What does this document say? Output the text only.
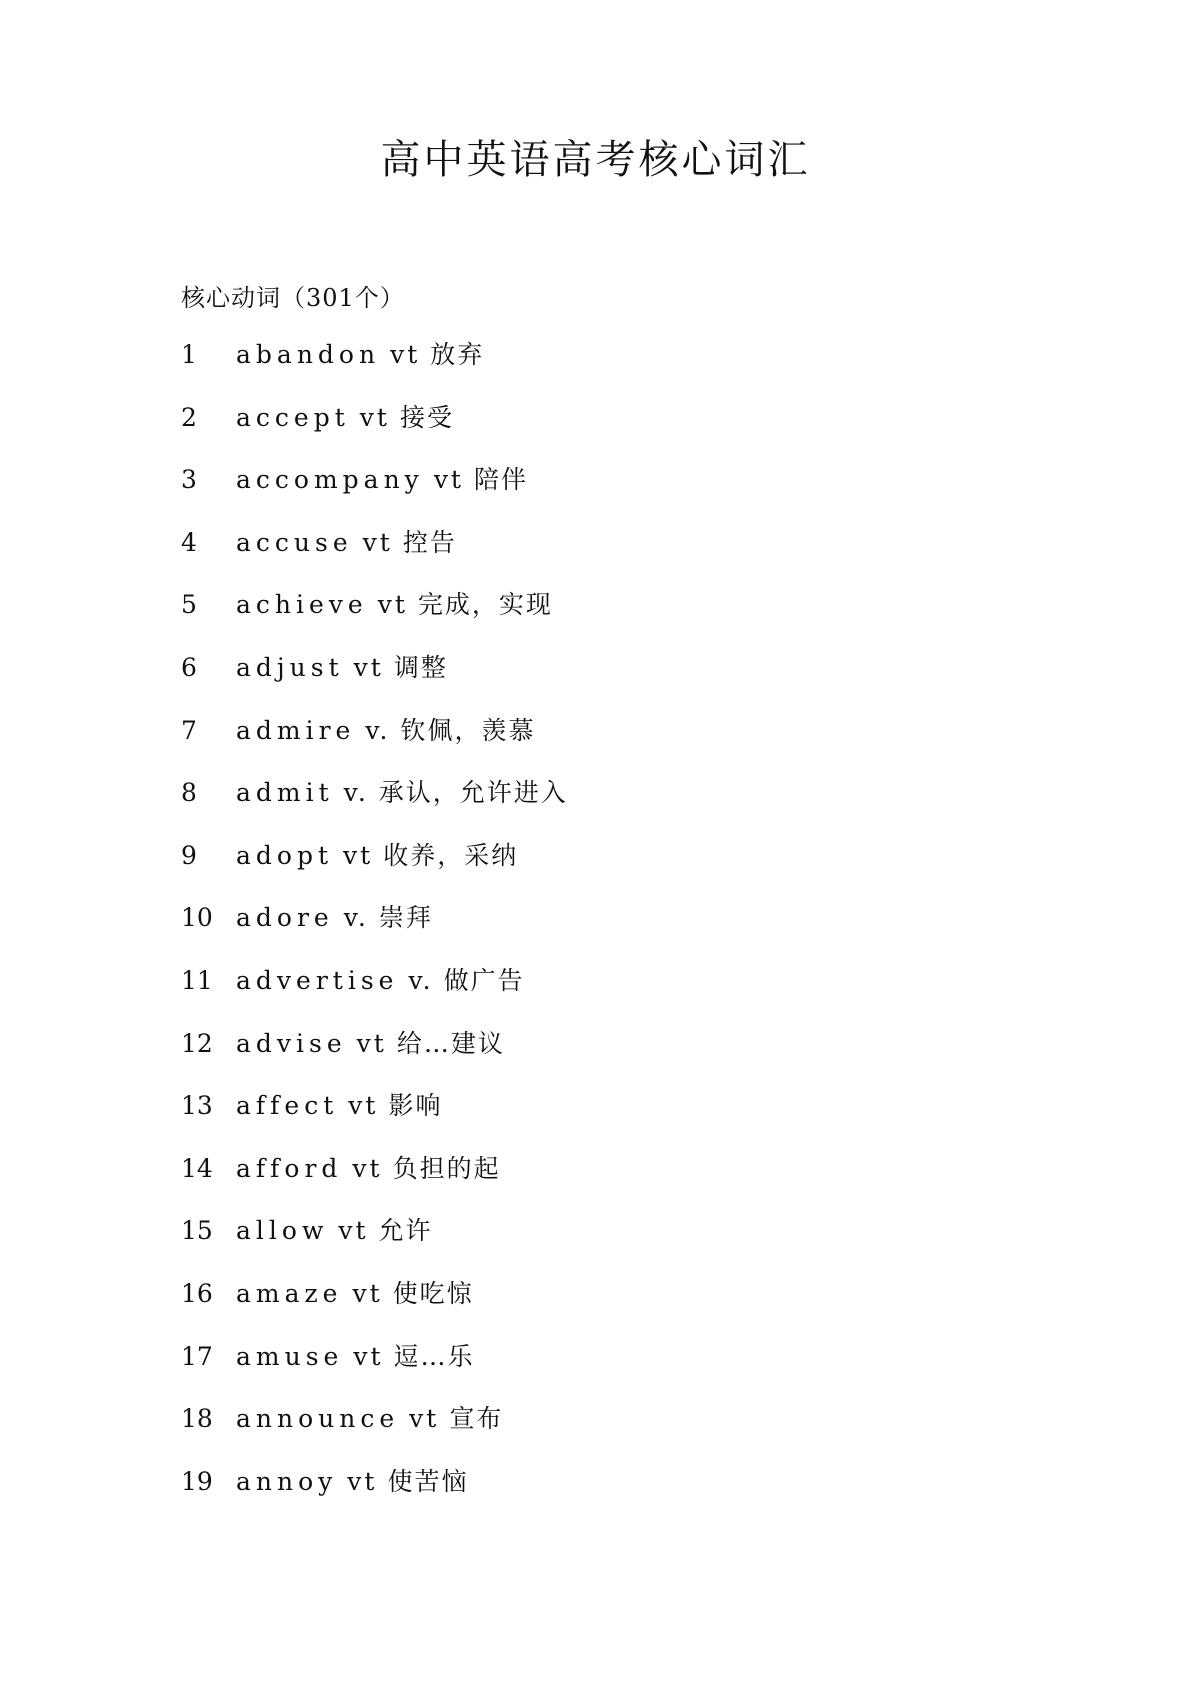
高中英语高考核心词汇
核心动词（301个）
1	abandon vt 放弃
2	accept vt 接受
3	accompany vt 陪伴
4	accuse vt 控告
5	achieve vt 完成，实现
6	adjust vt 调整
7	admire v. 钦佩，羡慕
8	admit v. 承认，允许进入
9	adopt vt 收养，采纳
10 adore v. 崇拜
11 advertise v. 做广告
12 advise vt 给…建议
13 affect vt 影响
14 afford vt 负担的起
15 allow vt 允许
16 amaze vt 使吃惊
17 amuse vt 逗…乐
18 announce vt 宣布
19 annoy vt 使苦恼
